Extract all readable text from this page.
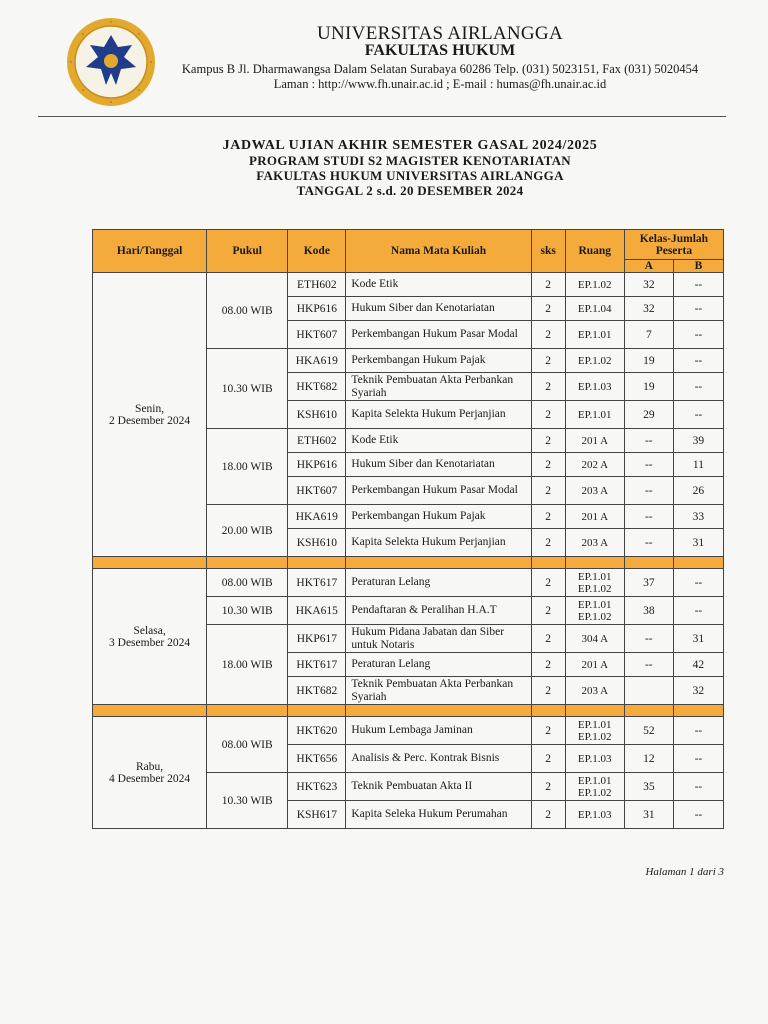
UNIVERSITAS AIRLANGGA
FAKULTAS HUKUM
Kampus B Jl. Dharmawangsa Dalam Selatan Surabaya 60286 Telp. (031) 5023151, Fax (031) 5020454
Laman : http://www.fh.unair.ac.id ; E-mail : humas@fh.unair.ac.id
JADWAL UJIAN AKHIR SEMESTER GASAL 2024/2025
PROGRAM STUDI S2 MAGISTER KENOTARIATAN
FAKULTAS HUKUM UNIVERSITAS AIRLANGGA
TANGGAL 2 s.d. 20 DESEMBER 2024
Hari/Tanggal	Pukul	Kode	Nama Mata Kuliah	sks	Ruang	Kelas-Jumlah Peserta	
						A	B

Senin,
2 Desember 2024	08.00 WIB	ETH602	Kode Etik	2	EP.1.02	32	--
		HKP616	Hukum Siber dan Kenotariatan	2	EP.1.04	32	--
		HKT607	Perkembangan Hukum Pasar Modal	2	EP.1.01	7	--
	10.30 WIB	HKA619	Perkembangan Hukum Pajak	2	EP.1.02	19	--
		HKT682	Teknik Pembuatan Akta Perbankan Syariah	2	EP.1.03	19	--
		KSH610	Kapita Selekta Hukum Perjanjian	2	EP.1.01	29	--
	18.00 WIB	ETH602	Kode Etik	2	201 A	--	39
		HKP616	Hukum Siber dan Kenotariatan	2	202 A	--	11
		HKT607	Perkembangan Hukum Pasar Modal	2	203 A	--	26
	20.00 WIB	HKA619	Perkembangan Hukum Pajak	2	201 A	--	33
		KSH610	Kapita Selekta Hukum Perjanjian	2	203 A	--	31

Selasa,
3 Desember 2024	08.00 WIB	HKT617	Peraturan Lelang	2	EP.1.01 EP.1.02	37	--
	10.30 WIB	HKA615	Pendaftaran & Peralihan H.A.T	2	EP.1.01 EP.1.02	38	--
	18.00 WIB	HKP617	Hukum Pidana Jabatan dan Siber untuk Notaris	2	304 A	--	31
		HKT617	Peraturan Lelang	2	201 A	--	42
		HKT682	Teknik Pembuatan Akta Perbankan Syariah	2	203 A		32

Rabu,
4 Desember 2024	08.00 WIB	HKT620	Hukum Lembaga Jaminan	2	EP.1.01 EP.1.02	52	--
		HKT656	Analisis & Perc. Kontrak Bisnis	2	EP.1.03	12	--
	10.30 WIB	HKT623	Teknik Pembuatan Akta II	2	EP.1.01 EP.1.02	35	--
		KSH617	Kapita Seleka Hukum Perumahan	2	EP.1.03	31	--
Halaman 1 dari 3
